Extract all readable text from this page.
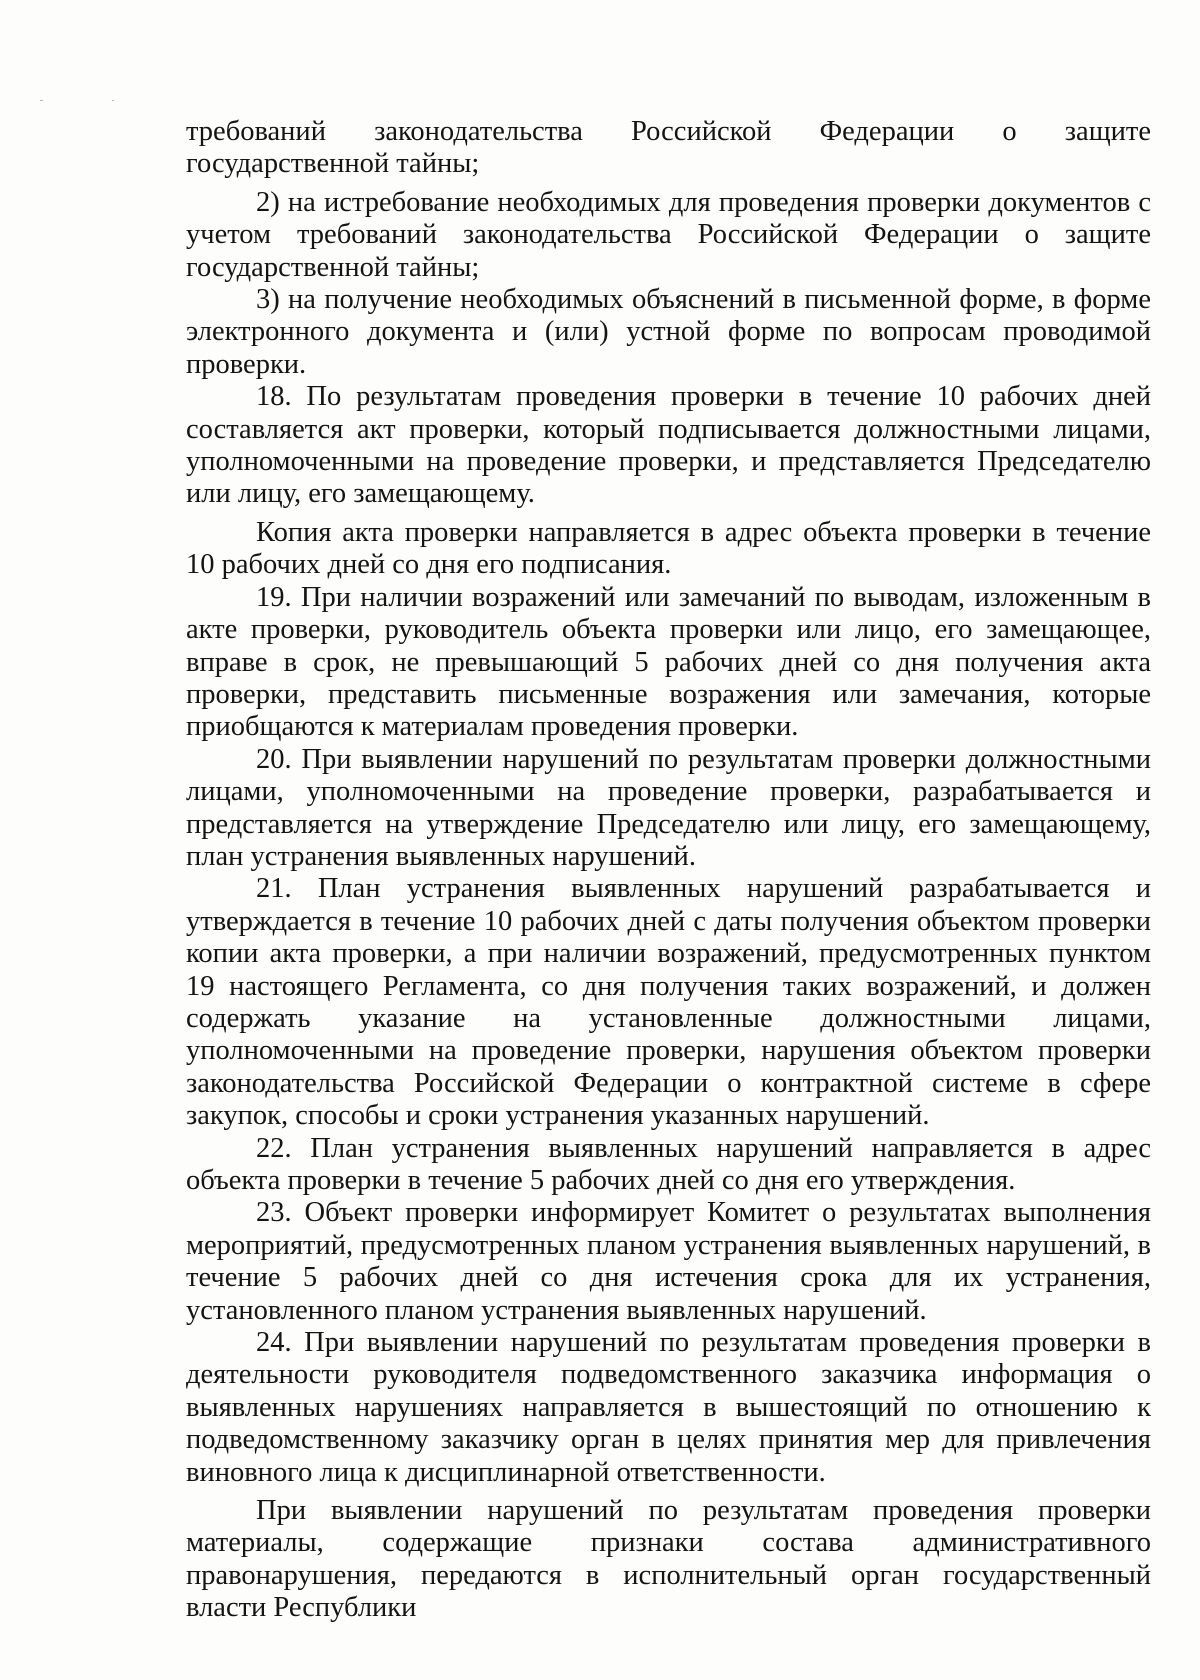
требований законодательства Российской Федерации о защите государственной тайны;

2) на истребование необходимых для проведения проверки документов с учетом требований законодательства Российской Федерации о защите государственной тайны;

3) на получение необходимых объяснений в письменной форме, в форме электронного документа и (или) устной форме по вопросам проводимой проверки.

18. По результатам проведения проверки в течение 10 рабочих дней составляется акт проверки, который подписывается должностными лицами, уполномоченными на проведение проверки, и представляется Председателю или лицу, его замещающему.

Копия акта проверки направляется в адрес объекта проверки в течение 10 рабочих дней со дня его подписания.

19. При наличии возражений или замечаний по выводам, изложенным в акте проверки, руководитель объекта проверки или лицо, его замещающее, вправе в срок, не превышающий 5 рабочих дней со дня получения акта проверки, представить письменные возражения или замечания, которые приобщаются к материалам проведения проверки.

20. При выявлении нарушений по результатам проверки должностными лицами, уполномоченными на проведение проверки, разрабатывается и представляется на утверждение Председателю или лицу, его замещающему, план устранения выявленных нарушений.

21. План устранения выявленных нарушений разрабатывается и утверждается в течение 10 рабочих дней с даты получения объектом проверки копии акта проверки, а при наличии возражений, предусмотренных пунктом 19 настоящего Регламента, со дня получения таких возражений, и должен содержать указание на установленные должностными лицами, уполномоченными на проведение проверки, нарушения объектом проверки законодательства Российской Федерации о контрактной системе в сфере закупок, способы и сроки устранения указанных нарушений.

22. План устранения выявленных нарушений направляется в адрес объекта проверки в течение 5 рабочих дней со дня его утверждения.

23. Объект проверки информирует Комитет о результатах выполнения мероприятий, предусмотренных планом устранения выявленных нарушений, в течение 5 рабочих дней со дня истечения срока для их устранения, установленного планом устранения выявленных нарушений.

24. При выявлении нарушений по результатам проведения проверки в деятельности руководителя подведомственного заказчика информация о выявленных нарушениях направляется в вышестоящий по отношению к подведомственному заказчику орган в целях принятия мер для привлечения виновного лица к дисциплинарной ответственности.

При выявлении нарушений по результатам проведения проверки материалы, содержащие признаки состава административного правонарушения, передаются в исполнительный орган государственный власти Республики
